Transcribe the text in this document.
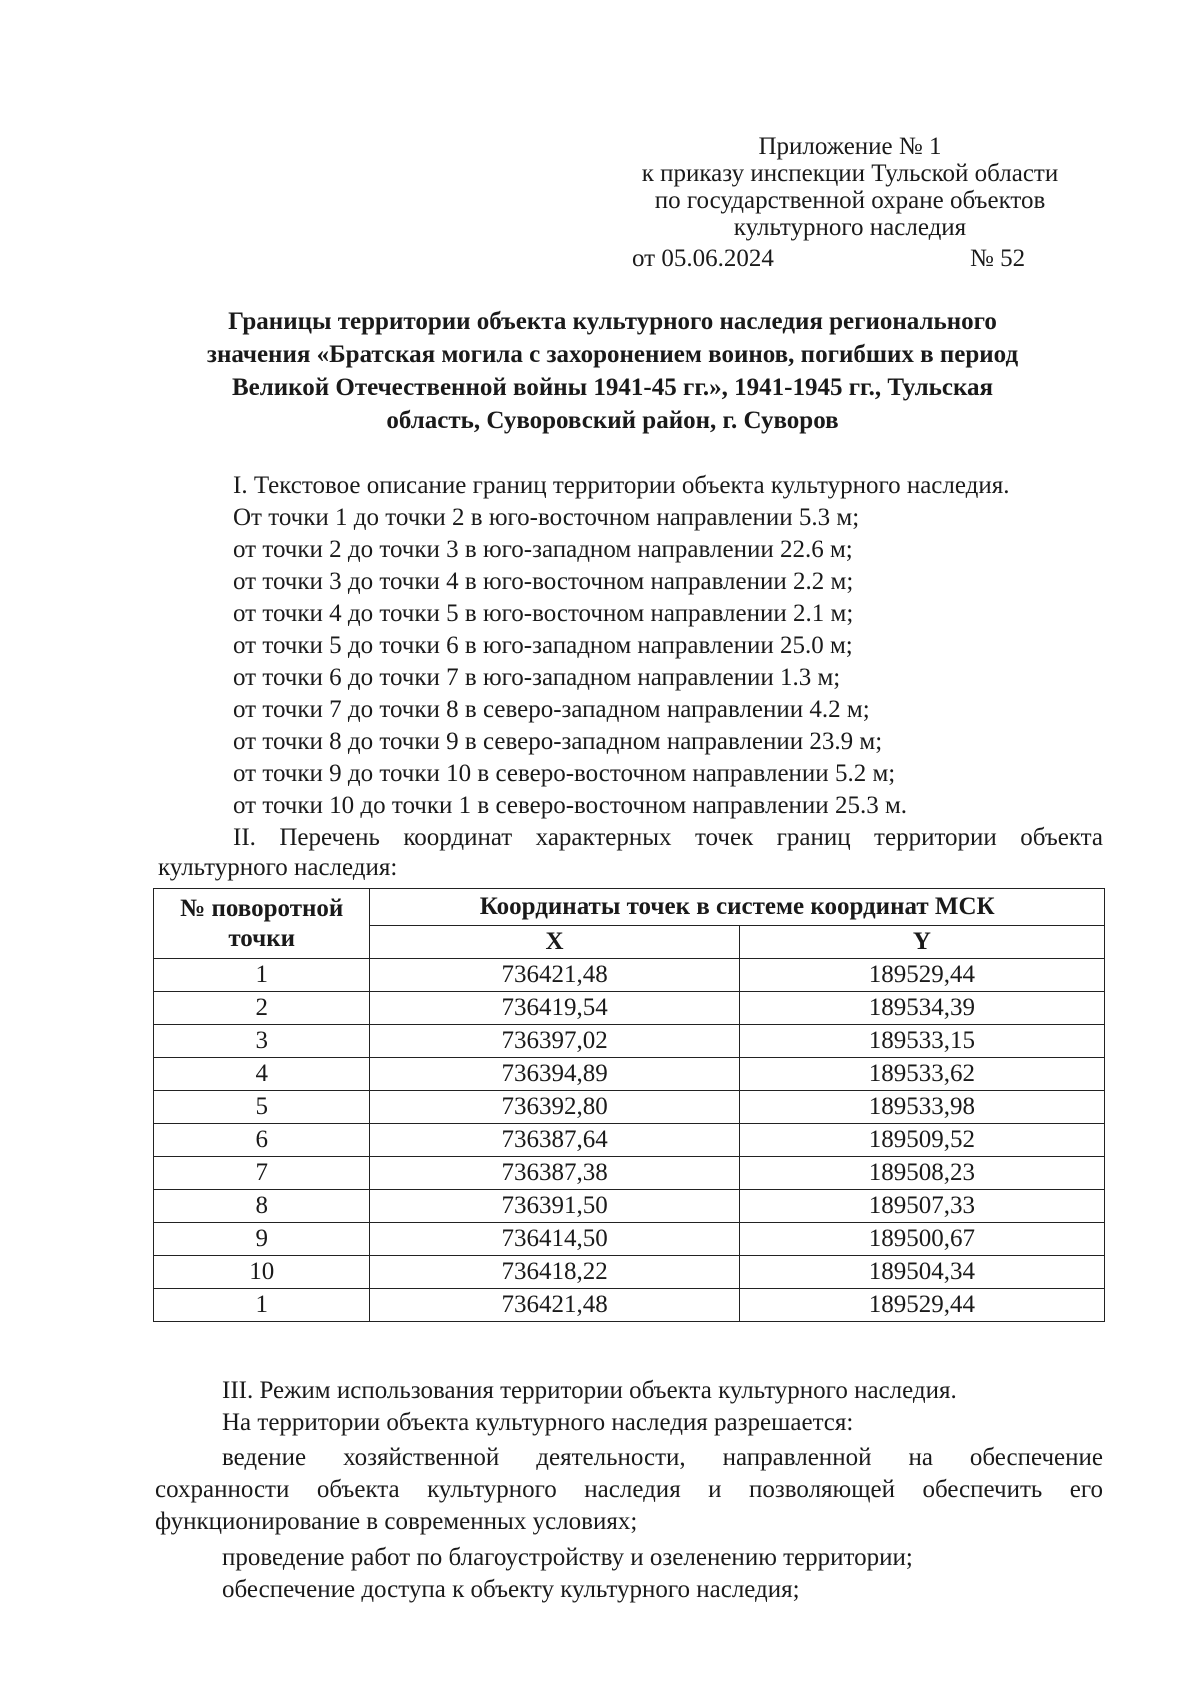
Приложение № 1
к приказу инспекции Тульской области
по государственной охране объектов
культурного наследия
от 05.06.2024	№ 52
Границы территории объекта культурного наследия регионального
значения «Братская могила с захоронением воинов, погибших в период
Великой Отечественной войны 1941-45 гг.», 1941-1945 гг., Тульская
область, Суворовский район, г. Суворов
I. Текстовое описание границ территории объекта культурного наследия.
От точки 1 до точки 2 в юго-восточном направлении 5.3 м;
от точки 2 до точки 3 в юго-западном направлении 22.6 м;
от точки 3 до точки 4 в юго-восточном направлении 2.2 м;
от точки 4 до точки 5 в юго-восточном направлении 2.1 м;
от точки 5 до точки 6 в юго-западном направлении 25.0 м;
от точки 6 до точки 7 в юго-западном направлении 1.3 м;
от точки 7 до точки 8 в северо-западном направлении 4.2 м;
от точки 8 до точки 9 в северо-западном направлении 23.9 м;
от точки 9 до точки 10 в северо-восточном направлении 5.2 м;
от точки 10 до точки 1 в северо-восточном направлении 25.3 м.
II. Перечень координат характерных точек границ территории объекта
культурного наследия:
№ поворотной
точки	Координаты точек в системе координат МСК	
	X	Y
1	736421,48	189529,44
2	736419,54	189534,39
3	736397,02	189533,15
4	736394,89	189533,62
5	736392,80	189533,98
6	736387,64	189509,52
7	736387,38	189508,23
8	736391,50	189507,33
9	736414,50	189500,67
10	736418,22	189504,34
1	736421,48	189529,44
III. Режим использования территории объекта культурного наследия.
На территории объекта культурного наследия разрешается:
ведение хозяйственной деятельности, направленной на обеспечение
сохранности объекта культурного наследия и позволяющей обеспечить его
функционирование в современных условиях;
проведение работ по благоустройству и озеленению территории;
обеспечение доступа к объекту культурного наследия;
